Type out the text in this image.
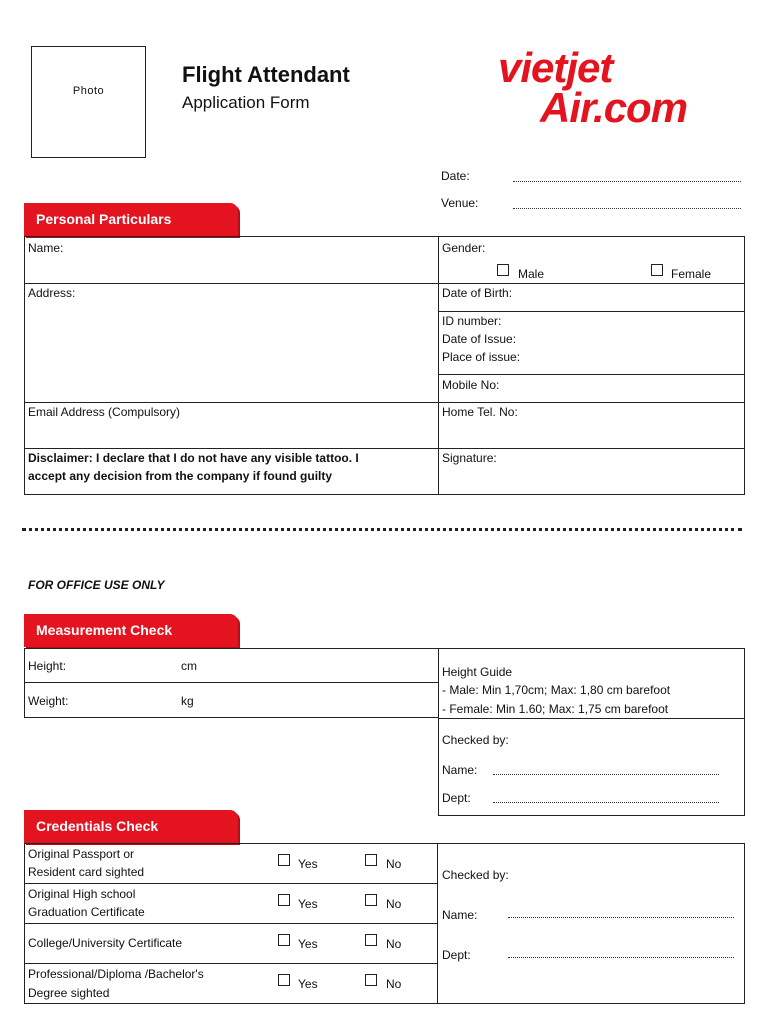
Photo
Flight Attendant
Application Form
vietjet
Air.com
Date:
Venue:
Personal Particulars
Name:	Gender:
Male	Female
Address:	Date of Birth:
ID number:
Date of Issue:
Place of issue:
Mobile No:
Email Address (Compulsory)	Home Tel. No:
Disclaimer: I declare that I do not have any visible tattoo. I
accept any decision from the company if found guilty
Signature:
FOR OFFICE USE ONLY
Measurement Check
Height:	cm
Weight:	kg
Height Guide
- Male: Min 1,70cm; Max: 1,80 cm barefoot
- Female: Min 1.60; Max: 1,75 cm barefoot
Checked by:
Name:
Dept:
Credentials Check
Original Passport or
Resident card sighted
Yes	No
Original High school
Graduation Certificate
Yes	No
College/University Certificate	Yes	No
Professional/Diploma /Bachelor's
Degree sighted
Yes	No
Checked by:
Name:
Dept:
